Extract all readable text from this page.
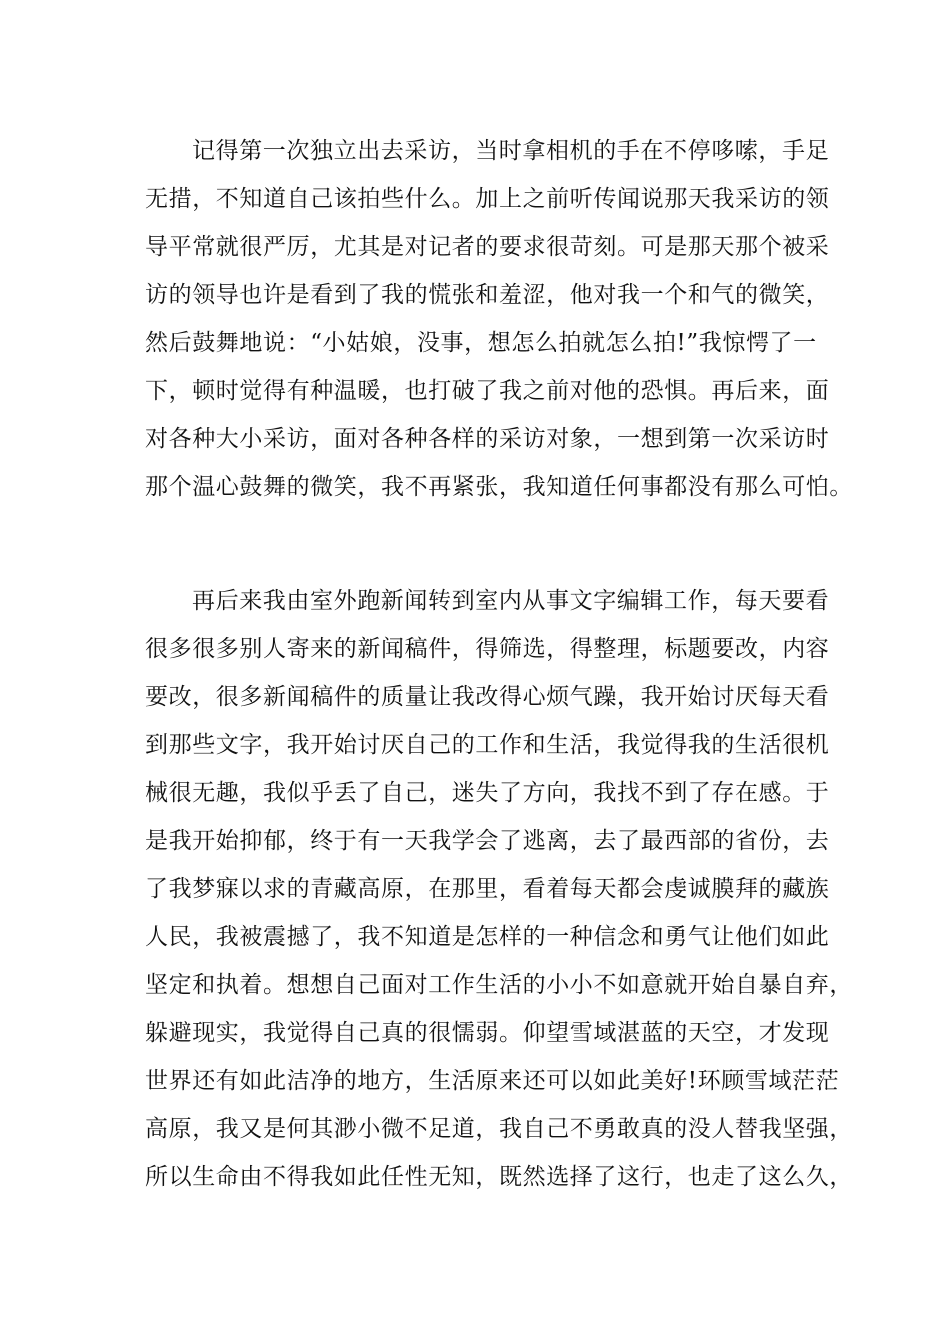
记得第一次独立出去采访，当时拿相机的手在不停哆嗦，手足
无措，不知道自己该拍些什么。加上之前听传闻说那天我采访的领
导平常就很严厉，尤其是对记者的要求很苛刻。可是那天那个被采
访的领导也许是看到了我的慌张和羞涩，他对我一个和气的微笑，
然后鼓舞地说：“小姑娘，没事，想怎么拍就怎么拍!”我惊愕了一
下，顿时觉得有种温暖，也打破了我之前对他的恐惧。再后来，面
对各种大小采访，面对各种各样的采访对象，一想到第一次采访时
那个温心鼓舞的微笑，我不再紧张，我知道任何事都没有那么可怕。
再后来我由室外跑新闻转到室内从事文字编辑工作，每天要看
很多很多别人寄来的新闻稿件，得筛选，得整理，标题要改，内容
要改，很多新闻稿件的质量让我改得心烦气躁，我开始讨厌每天看
到那些文字，我开始讨厌自己的工作和生活，我觉得我的生活很机
械很无趣，我似乎丢了自己，迷失了方向，我找不到了存在感。于
是我开始抑郁，终于有一天我学会了逃离，去了最西部的省份，去
了我梦寐以求的青藏高原，在那里，看着每天都会虔诚膜拜的藏族
人民，我被震撼了，我不知道是怎样的一种信念和勇气让他们如此
坚定和执着。想想自己面对工作生活的小小不如意就开始自暴自弃，
躲避现实，我觉得自己真的很懦弱。仰望雪域湛蓝的天空，才发现
世界还有如此洁净的地方，生活原来还可以如此美好!环顾雪域茫茫
高原，我又是何其渺小微不足道，我自己不勇敢真的没人替我坚强，
所以生命由不得我如此任性无知，既然选择了这行，也走了这么久，
